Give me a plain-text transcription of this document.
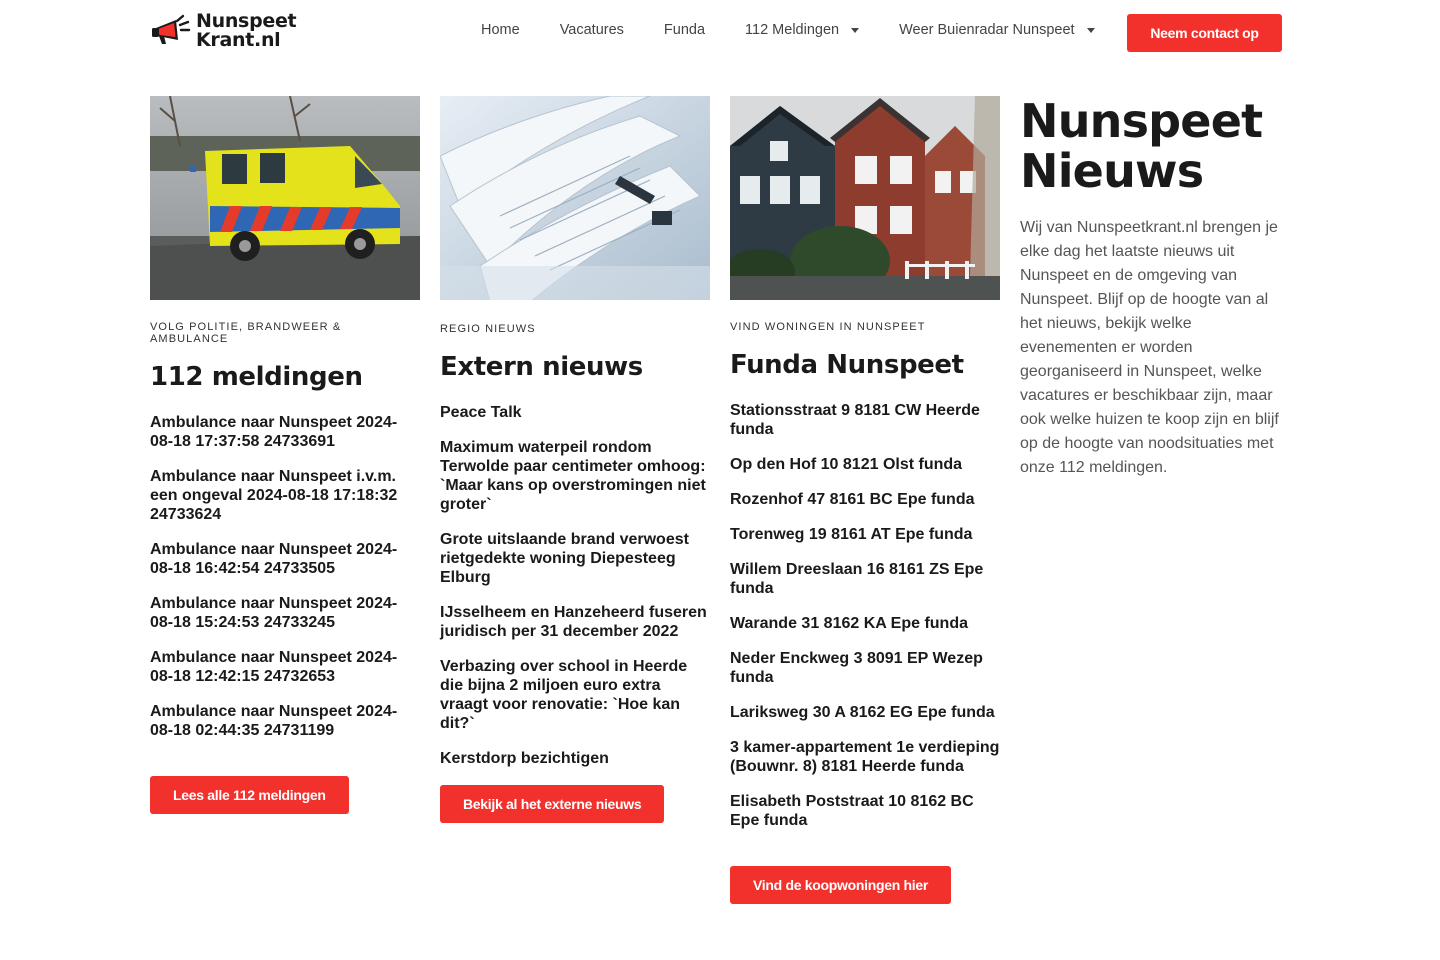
Nunspeet
Krant.nl	Home	Vacatures	Funda	112 Meldingen	Weer Buienradar Nunspeet	Neem contact op
VOLG POLITIE, BRANDWEER & AMBULANCE
112 meldingen
Ambulance naar Nunspeet 2024-08-18 17:37:58 24733691
Ambulance naar Nunspeet i.v.m. een ongeval 2024-08-18 17:18:32 24733624
Ambulance naar Nunspeet 2024-08-18 16:42:54 24733505
Ambulance naar Nunspeet 2024-08-18 15:24:53 24733245
Ambulance naar Nunspeet 2024-08-18 12:42:15 24732653
Ambulance naar Nunspeet 2024-08-18 02:44:35 24731199
Lees alle 112 meldingen
REGIO NIEUWS
Extern nieuws
Peace Talk
Maximum waterpeil rondom Terwolde paar centimeter omhoog: `Maar kans op overstromingen niet groter`
Grote uitslaande brand verwoest rietgedekte woning Diepesteeg Elburg
IJsselheem en Hanzeheerd fuseren juridisch per 31 december 2022
Verbazing over school in Heerde die bijna 2 miljoen euro extra vraagt voor renovatie: `Hoe kan dit?`
Kerstdorp bezichtigen
Bekijk al het externe nieuws
VIND WONINGEN IN NUNSPEET
Funda Nunspeet
Stationsstraat 9 8181 CW Heerde funda
Op den Hof 10 8121 Olst funda
Rozenhof 47 8161 BC Epe funda
Torenweg 19 8161 AT Epe funda
Willem Dreeslaan 16 8161 ZS Epe funda
Warande 31 8162 KA Epe funda
Neder Enckweg 3 8091 EP Wezep funda
Lariksweg 30 A 8162 EG Epe funda
3 kamer-appartement 1e verdieping (Bouwnr. 8) 8181 Heerde funda
Elisabeth Poststraat 10 8162 BC Epe funda
Vind de koopwoningen hier
Nunspeet Nieuws

Wij van Nunspeetkrant.nl brengen je elke dag het laatste nieuws uit Nunspeet en de omgeving van Nunspeet. Blijf op de hoogte van al het nieuws, bekijk welke evenementen er worden georganiseerd in Nunspeet, welke vacatures er beschikbaar zijn, maar ook welke huizen te koop zijn en blijf op de hoogte van noodsituaties met onze 112 meldingen.
